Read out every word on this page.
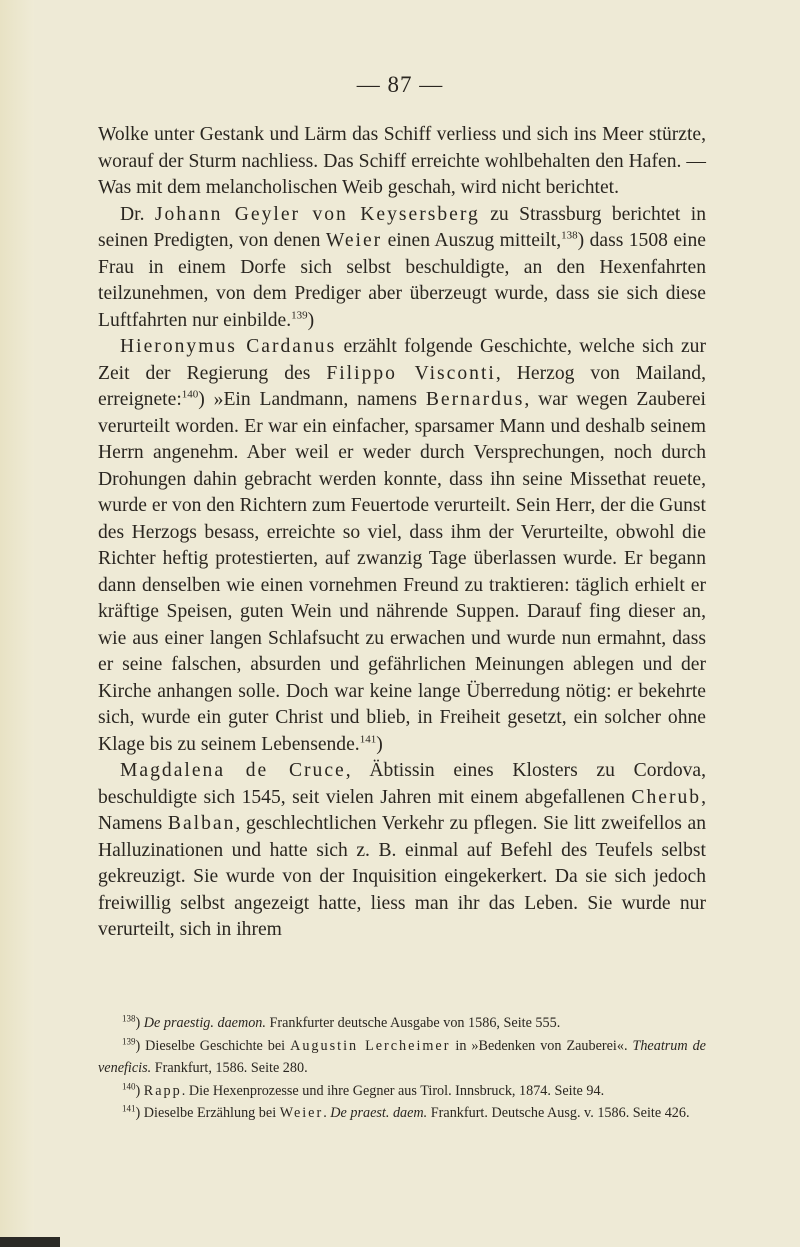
— 87 —

Wolke unter Gestank und Lärm das Schiff verliess und sich ins Meer stürzte, worauf der Sturm nachliess. Das Schiff erreichte wohlbehalten den Hafen. — Was mit dem melancholischen Weib geschah, wird nicht berichtet.

Dr. Johann Geyler von Keysersberg zu Strassburg berichtet in seinen Predigten, von denen Weier einen Auszug mitteilt,$^{138}$) dass 1508 eine Frau in einem Dorfe sich selbst beschuldigte, an den Hexenfahrten teilzunehmen, von dem Prediger aber überzeugt wurde, dass sie sich diese Luftfahrten nur einbilde.$^{139}$)

Hieronymus Cardanus erzählt folgende Geschichte, welche sich zur Zeit der Regierung des Filippo Visconti, Herzog von Mailand, erreignete:$^{140}$) »Ein Landmann, namens Bernardus, war wegen Zauberei verurteilt worden. Er war ein einfacher, sparsamer Mann und deshalb seinem Herrn angenehm. Aber weil er weder durch Versprechungen, noch durch Drohungen dahin gebracht werden konnte, dass ihn seine Missethat reuete, wurde er von den Richtern zum Feuertode verurteilt. Sein Herr, der die Gunst des Herzogs besass, erreichte so viel, dass ihm der Verurteilte, obwohl die Richter heftig protestierten, auf zwanzig Tage überlassen wurde. Er begann dann denselben wie einen vornehmen Freund zu traktieren: täglich erhielt er kräftige Speisen, guten Wein und nährende Suppen. Darauf fing dieser an, wie aus einer langen Schlafsucht zu erwachen und wurde nun ermahnt, dass er seine falschen, absurden und gefährlichen Meinungen ablegen und der Kirche anhangen solle. Doch war keine lange Überredung nötig: er bekehrte sich, wurde ein guter Christ und blieb, in Freiheit gesetzt, ein solcher ohne Klage bis zu seinem Lebensende.$^{141}$)

Magdalena de Cruce, Äbtissin eines Klosters zu Cordova, beschuldigte sich 1545, seit vielen Jahren mit einem abgefallenen Cherub, Namens Balban, geschlechtlichen Verkehr zu pflegen. Sie litt zweifellos an Halluzinationen und hatte sich z. B. einmal auf Befehl des Teufels selbst gekreuzigt. Sie wurde von der Inquisition eingekerkert. Da sie sich jedoch freiwillig selbst angezeigt hatte, liess man ihr das Leben. Sie wurde nur verurteilt, sich in ihrem

$^{138}$) De praestig. daemon. Frankfurter deutsche Ausgabe von 1586, Seite 555.

$^{139}$) Dieselbe Geschichte bei Augustin Lercheimer in »Bedenken von Zauberei«. Theatrum de veneficis. Frankfurt, 1586. Seite 280.

$^{140}$) Rapp. Die Hexenprozesse und ihre Gegner aus Tirol. Innsbruck, 1874. Seite 94.

$^{141}$) Dieselbe Erzählung bei Weier. De praest. daem. Frankfurt. Deutsche Ausg. v. 1586. Seite 426.
